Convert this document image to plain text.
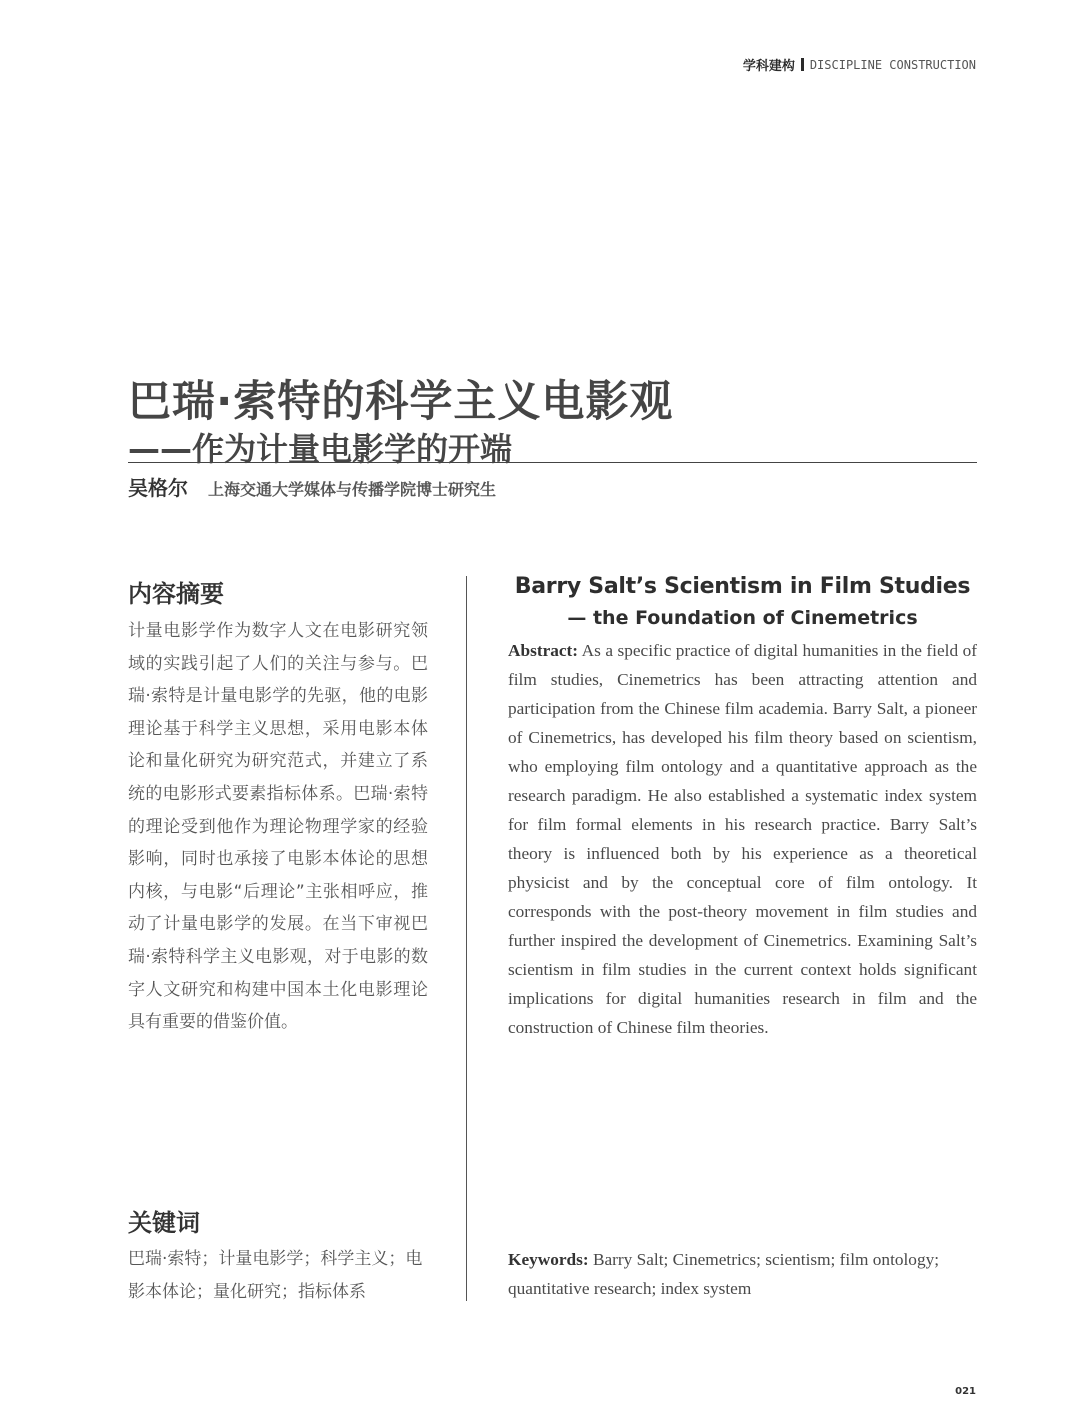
学科建构 DISCIPLINE CONSTRUCTION
巴瑞·索特的科学主义电影观
——作为计量电影学的开端
吴格尔 上海交通大学媒体与传播学院博士研究生
内容摘要

计量电影学作为数字人文在电影研究领域的实践引起了人们的关注与参与。巴瑞·索特是计量电影学的先驱，他的电影理论基于科学主义思想，采用电影本体论和量化研究为研究范式，并建立了系统的电影形式要素指标体系。巴瑞·索特的理论受到他作为理论物理学家的经验影响，同时也承接了电影本体论的思想内核，与电影“后理论”主张相呼应，推动了计量电影学的发展。在当下审视巴瑞·索特科学主义电影观，对于电影的数字人文研究和构建中国本土化电影理论具有重要的借鉴价值。

关键词

巴瑞·索特；计量电影学；科学主义；电影本体论；量化研究；指标体系

Barry Salt’s Scientism in Film Studies
— the Foundation of Cinemetrics

Abstract: As a specific practice of digital humanities in the field of film studies, Cinemetrics has been attracting attention and participation from the Chinese film academia. Barry Salt, a pioneer of Cinemetrics, has developed his film theory based on scientism, who employing film ontology and a quantitative approach as the research paradigm. He also established a systematic index system for film formal elements in his research practice. Barry Salt’s theory is influenced both by his experience as a theoretical physicist and by the conceptual core of film ontology. It corresponds with the post-theory movement in film studies and further inspired the development of Cinemetrics. Examining Salt’s scientism in film studies in the current context holds significant implications for digital humanities research in film and the construction of Chinese film theories.

Keywords: Barry Salt; Cinemetrics; scientism; film ontology; quantitative research; index system

021
